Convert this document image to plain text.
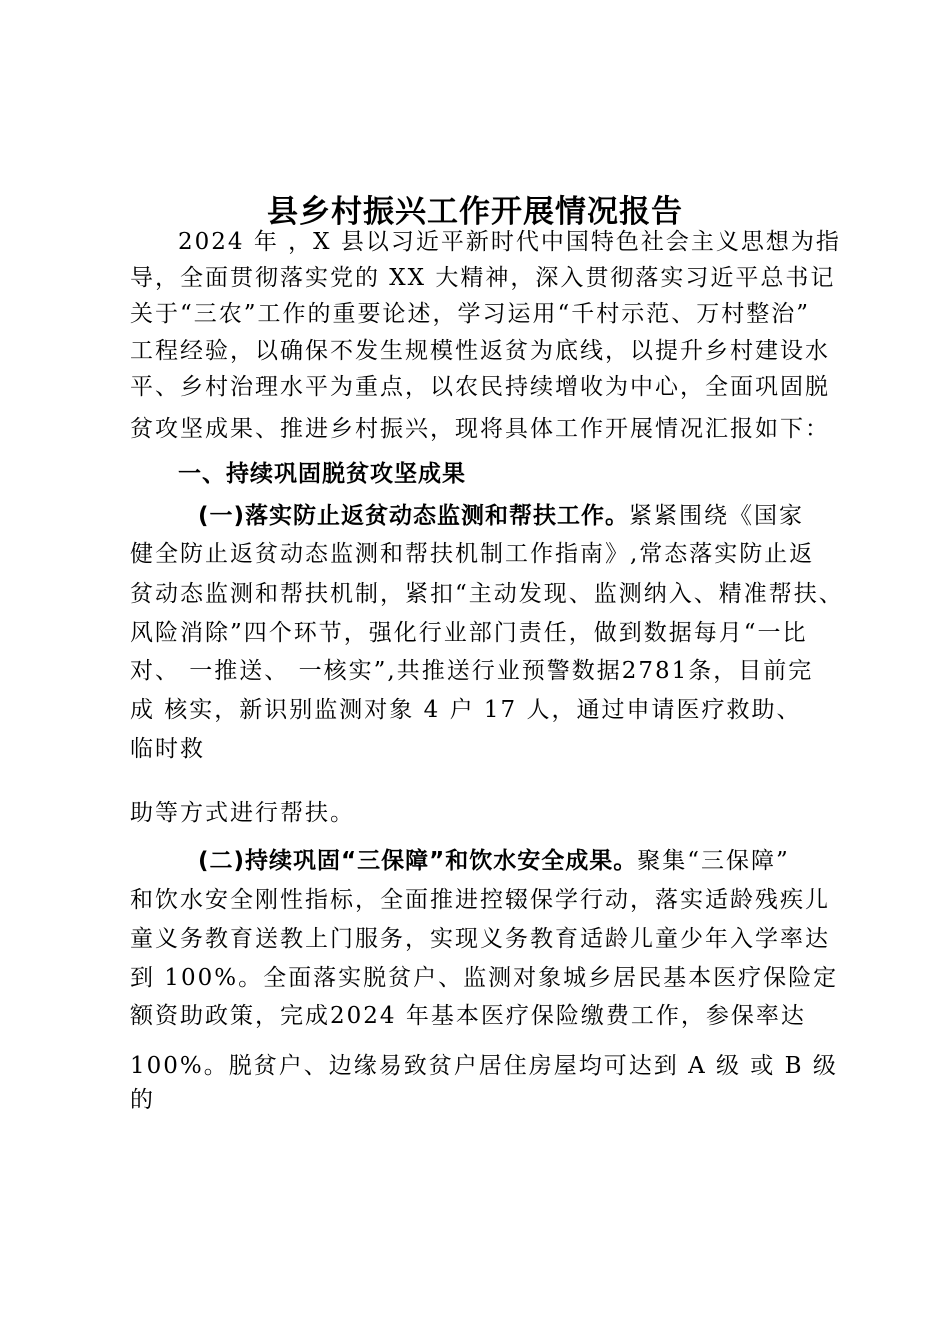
县乡村振兴工作开展情况报告
2024 年 ，X 县以习近平新时代中国特色社会主义思想为指
导，全面贯彻落实党的 XX 大精神，深入贯彻落实习近平总书记
关于“三农”工作的重要论述，学习运用“千村示范、万村整治”
工程经验，以确保不发生规模性返贫为底线，以提升乡村建设水
平、乡村治理水平为重点，以农民持续增收为中心，全面巩固脱
贫攻坚成果、推进乡村振兴，现将具体工作开展情况汇报如下：
一、持续巩固脱贫攻坚成果
(一)落实防止返贫动态监测和帮扶工作。紧紧围绕《国家
健全防止返贫动态监测和帮扶机制工作指南》,常态落实防止返
贫动态监测和帮扶机制，紧扣“主动发现、监测纳入、精准帮扶、
风险消除”四个环节，强化行业部门责任，做到数据每月“一比
对、 一推送、 一核实”,共推送行业预警数据2781条，目前完
成 核实，新识别监测对象 4 户 17 人，通过申请医疗救助、
临时救
助等方式进行帮扶。
(二)持续巩固“三保障”和饮水安全成果。聚集“三保障”
和饮水安全刚性指标，全面推进控辍保学行动，落实适龄残疾儿
童义务教育送教上门服务，实现义务教育适龄儿童少年入学率达
到 100%。全面落实脱贫户、监测对象城乡居民基本医疗保险定
额资助政策，完成2024 年基本医疗保险缴费工作，参保率达
100%。脱贫户、边缘易致贫户居住房屋均可达到 A 级 或 B 级
的
